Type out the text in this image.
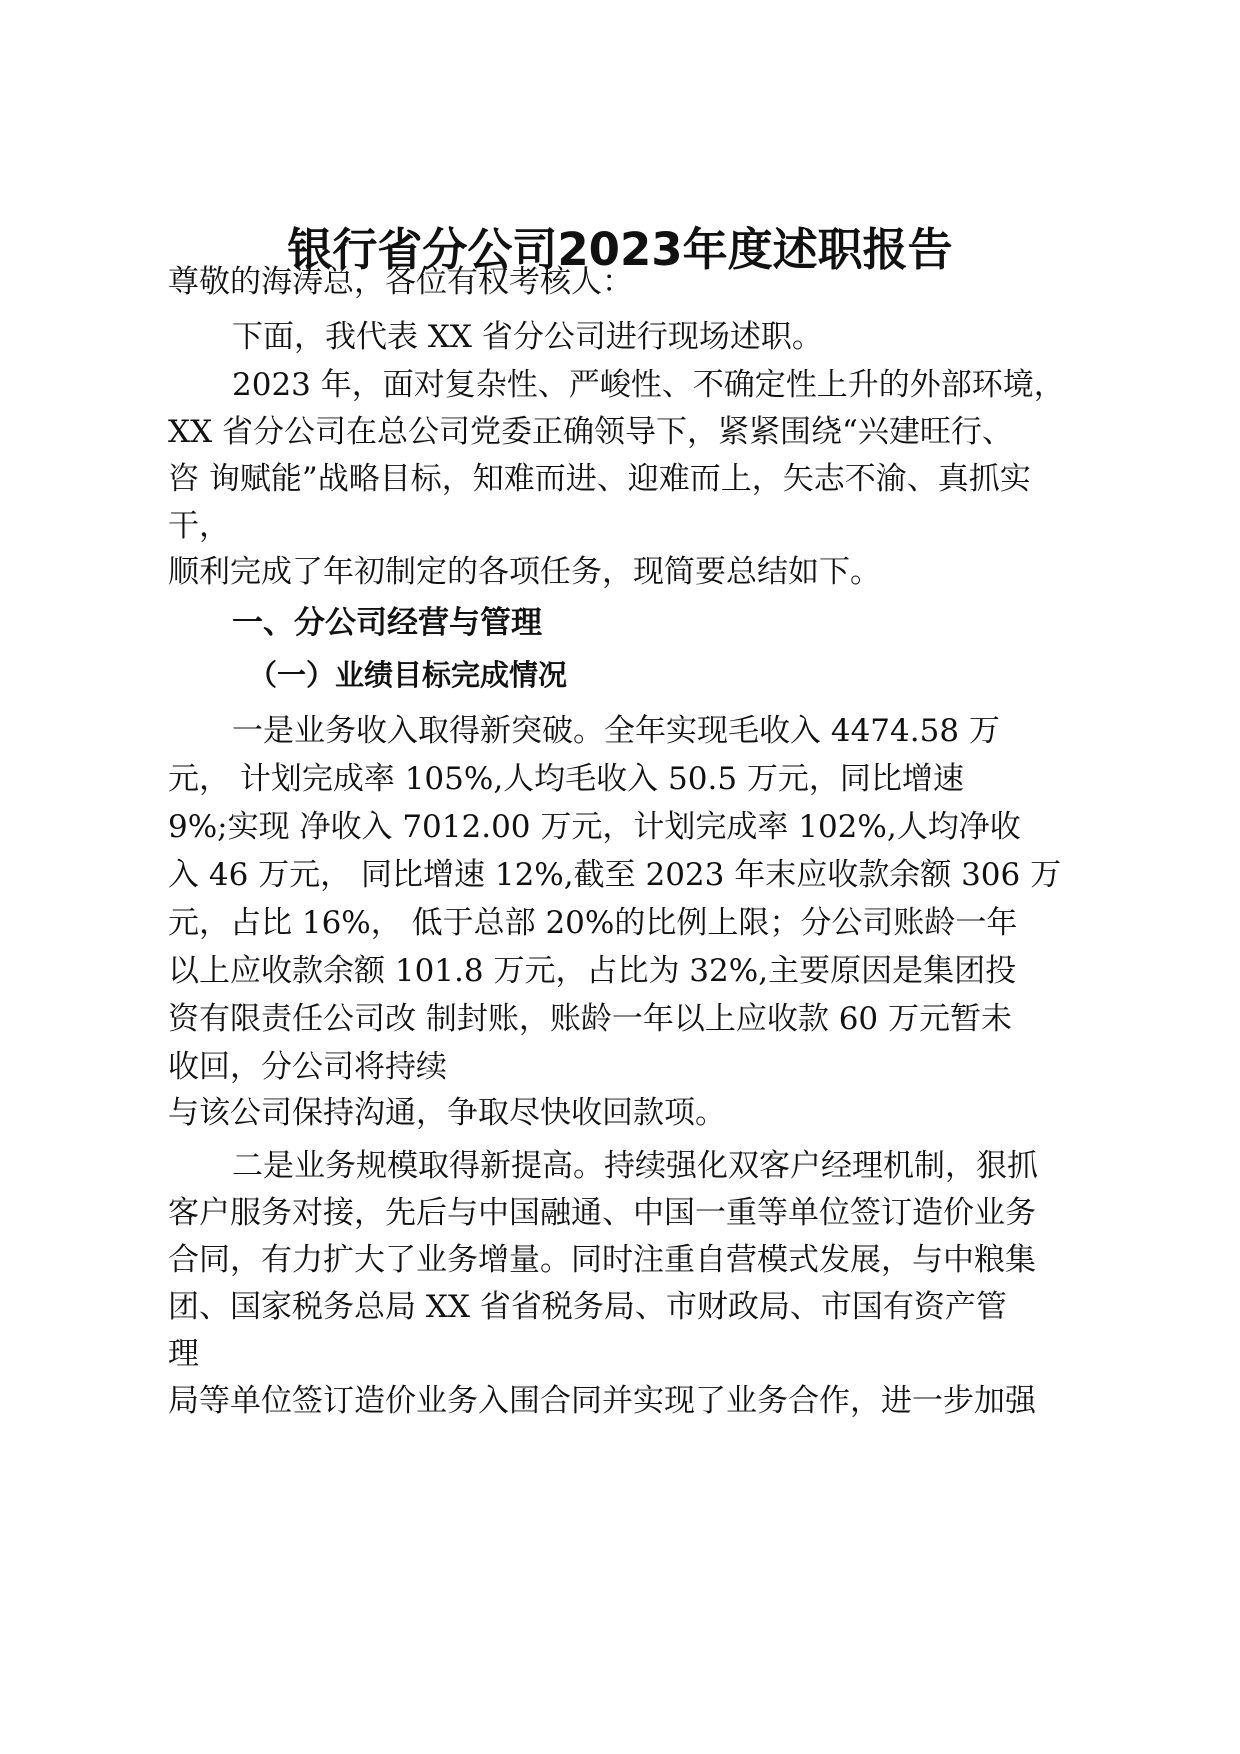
银行省分公司2023年度述职报告

尊敬的海涛总，各位有权考核人：

下面，我代表 XX 省分公司进行现场述职。

2023 年，面对复杂性、严峻性、不确定性上升的外部环境，

XX 省分公司在总公司党委正确领导下，紧紧围绕“兴建旺行、

咨 询赋能”战略目标，知难而进、迎难而上，矢志不渝、真抓实

干，

顺利完成了年初制定的各项任务，现简要总结如下。

一、分公司经营与管理
（一）业绩目标完成情况

一是业务收入取得新突破。全年实现毛收入 4474.58 万

元， 计划完成率 105%,人均毛收入 50.5 万元，同比增速

9%;实现 净收入 7012.00 万元，计划完成率 102%,人均净收

入 46 万元， 同比增速 12%,截至 2023 年末应收款余额 306 万

元，占比 16%， 低于总部 20%的比例上限；分公司账龄一年

以上应收款余额 101.8 万元，占比为 32%,主要原因是集团投

资有限责任公司改 制封账，账龄一年以上应收款 60 万元暂未

收回，分公司将持续

与该公司保持沟通，争取尽快收回款项。

二是业务规模取得新提高。持续强化双客户经理机制，狠抓

客户服务对接，先后与中国融通、中国一重等单位签订造价业务

合同，有力扩大了业务增量。同时注重自营模式发展，与中粮集

团、国家税务总局 XX 省省税务局、市财政局、市国有资产管

理

局等单位签订造价业务入围合同并实现了业务合作，进一步加强
